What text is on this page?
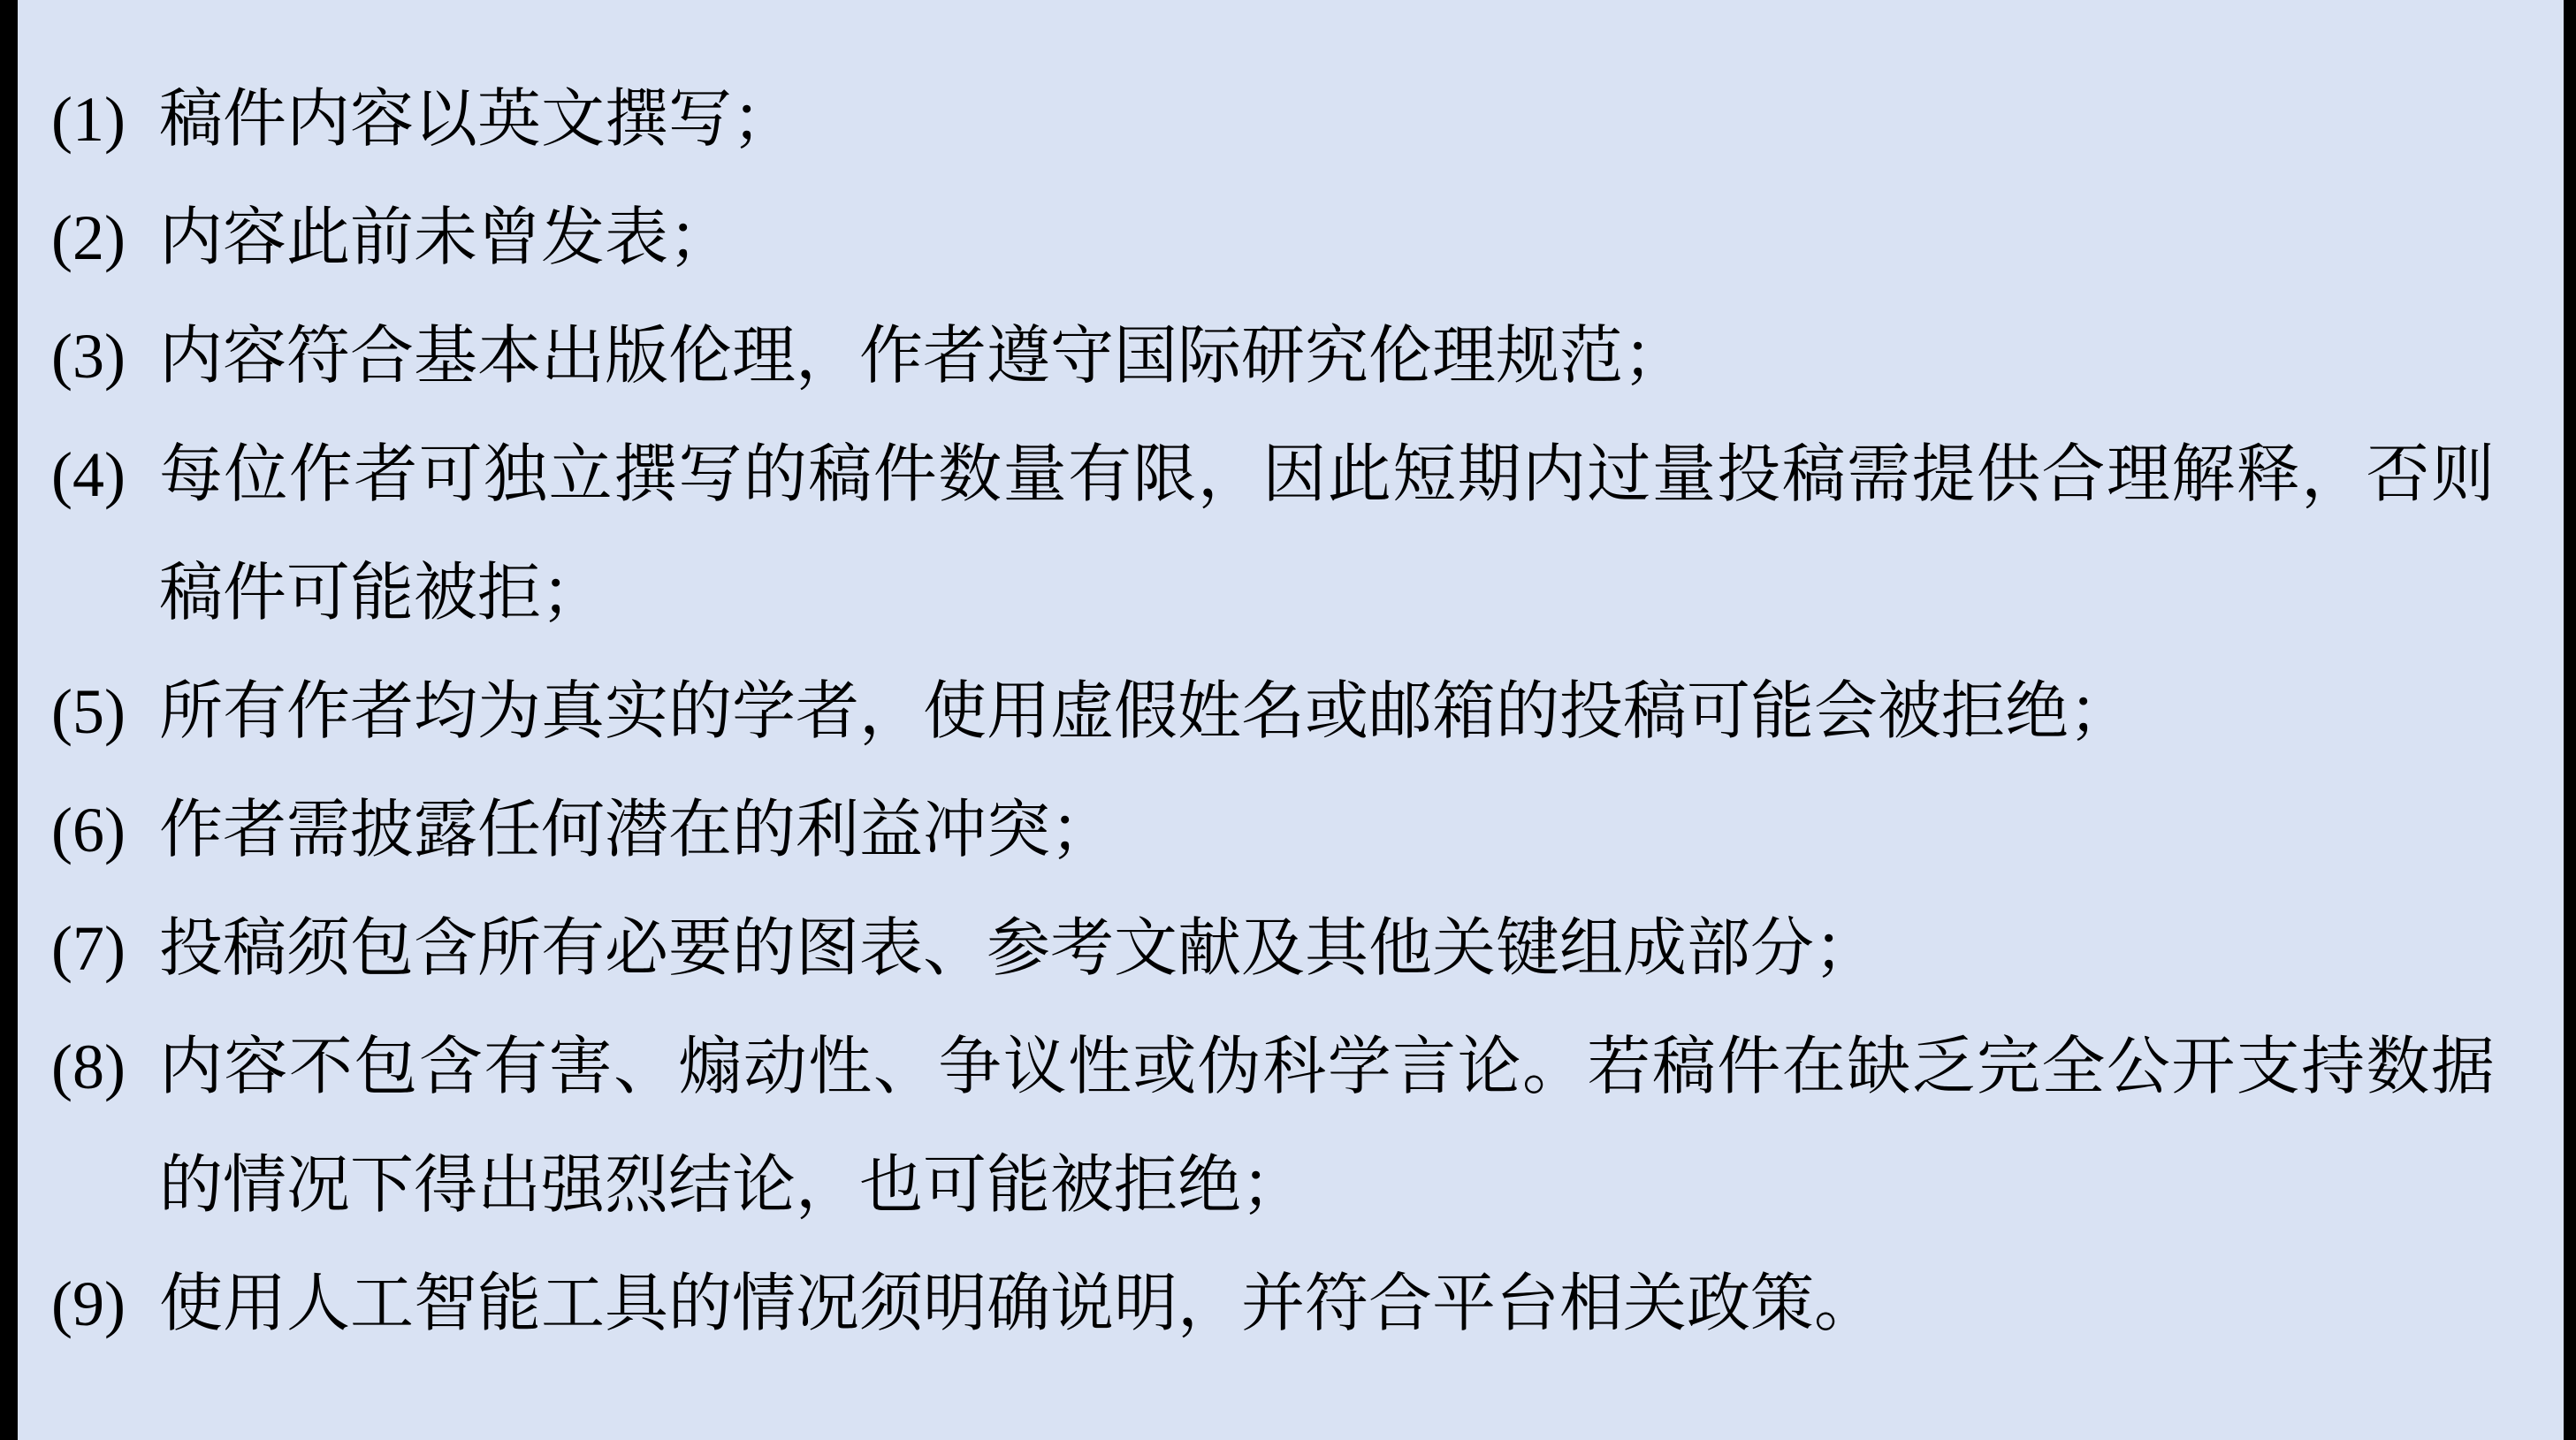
(1) 稿件内容以英文撰写；
(2) 内容此前未曾发表；
(3) 内容符合基本出版伦理，作者遵守国际研究伦理规范；
(4) 每位作者可独立撰写的稿件数量有限，因此短期内过量投稿需提供合理解释，否则稿件可能被拒；
(5) 所有作者均为真实的学者，使用虚假姓名或邮箱的投稿可能会被拒绝；
(6) 作者需披露任何潜在的利益冲突；
(7) 投稿须包含所有必要的图表、参考文献及其他关键组成部分；
(8) 内容不包含有害、煽动性、争议性或伪科学言论。若稿件在缺乏完全公开支持数据的情况下得出强烈结论，也可能被拒绝；
(9) 使用人工智能工具的情况须明确说明，并符合平台相关政策。
